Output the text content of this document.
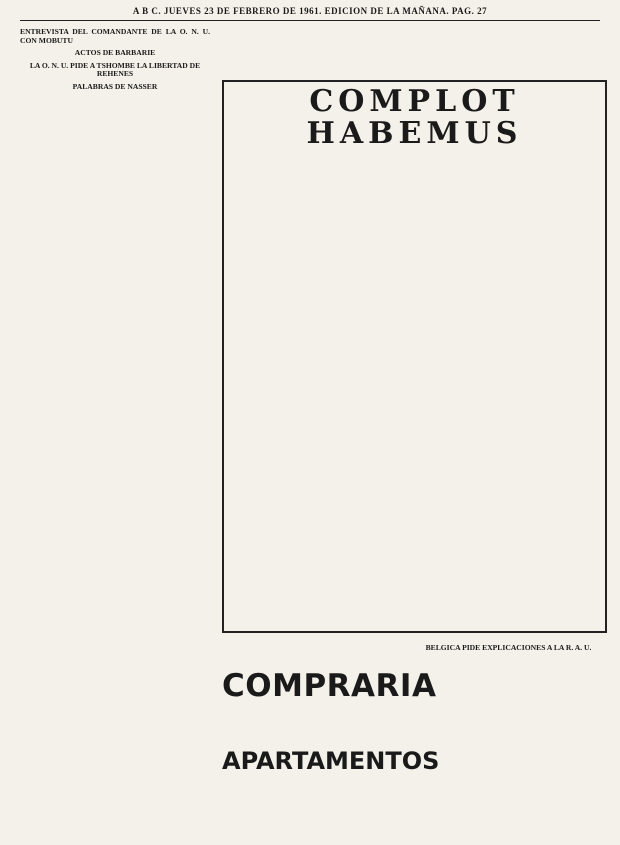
A B C. JUEVES 23 DE FEBRERO DE 1961. EDICION DE LA MAÑANA. PAG. 27

ENTREVISTA DEL COMANDANTE DE LA O. N. U. CON MOBUTU

ACTOS DE BARBARIE

LA O. N. U. PIDE A TSHOMBE LA LIBERTAD DE REHENES

PALABRAS DE NASSER	COMPLOT HABEMUS
COMPRARIA
APARTAMENTOS

BELGICA PIDE EXPLICACIONES A LA R. A. U.
